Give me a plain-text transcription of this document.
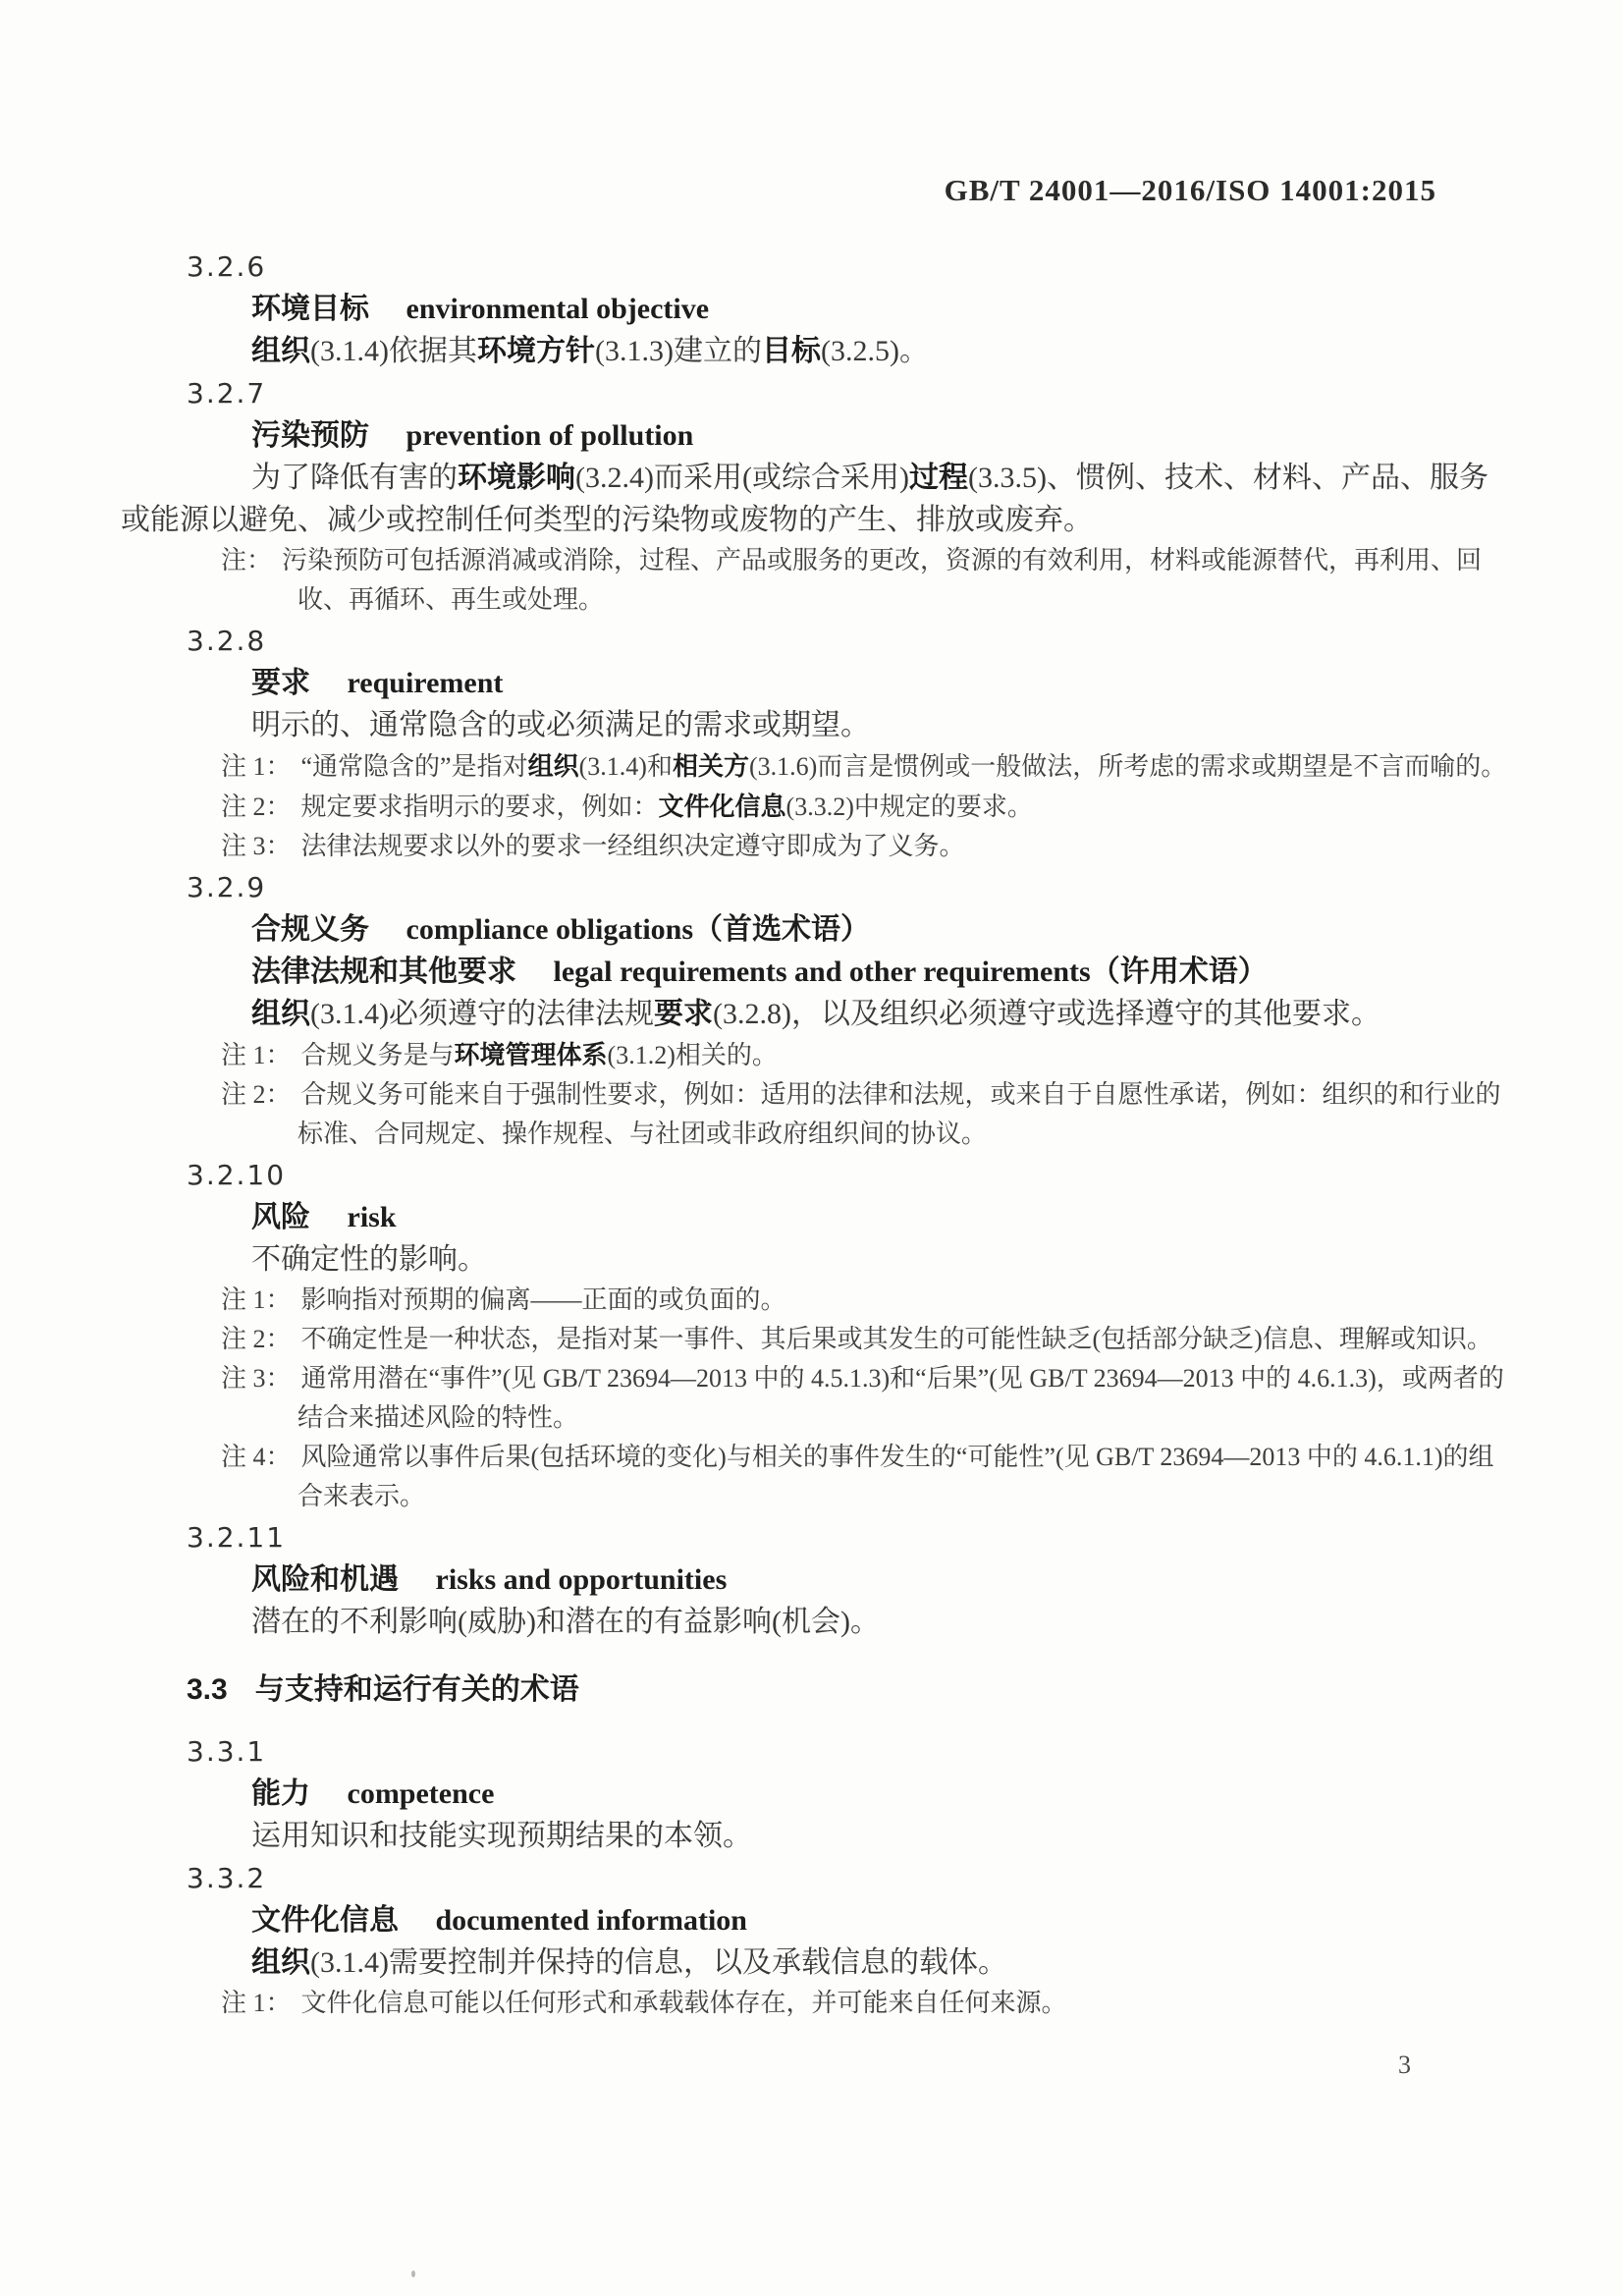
GB/T 24001—2016/ISO 14001:2015

3.2.6

环境目标 environmental objective

组织(3.1.4)依据其环境方针(3.1.3)建立的目标(3.2.5)。

3.2.7

污染预防 prevention of pollution

为了降低有害的环境影响(3.2.4)而采用(或综合采用)过程(3.3.5)、惯例、技术、材料、产品、服务或能源以避免、减少或控制任何类型的污染物或废物的产生、排放或废弃。

注： 污染预防可包括源消减或消除，过程、产品或服务的更改，资源的有效利用，材料或能源替代，再利用、回收、再循环、再生或处理。

3.2.8

要求 requirement

明示的、通常隐含的或必须满足的需求或期望。

注 1： “通常隐含的”是指对组织(3.1.4)和相关方(3.1.6)而言是惯例或一般做法，所考虑的需求或期望是不言而喻的。

注 2： 规定要求指明示的要求，例如：文件化信息(3.3.2)中规定的要求。

注 3： 法律法规要求以外的要求一经组织决定遵守即成为了义务。

3.2.9

合规义务 compliance obligations（首选术语）

法律法规和其他要求 legal requirements and other requirements（许用术语）

组织(3.1.4)必须遵守的法律法规要求(3.2.8)，以及组织必须遵守或选择遵守的其他要求。

注 1： 合规义务是与环境管理体系(3.1.2)相关的。

注 2： 合规义务可能来自于强制性要求，例如：适用的法律和法规，或来自于自愿性承诺，例如：组织的和行业的标准、合同规定、操作规程、与社团或非政府组织间的协议。

3.2.10

风险 risk

不确定性的影响。

注 1： 影响指对预期的偏离——正面的或负面的。

注 2： 不确定性是一种状态，是指对某一事件、其后果或其发生的可能性缺乏(包括部分缺乏)信息、理解或知识。

注 3： 通常用潜在“事件”(见 GB/T 23694—2013 中的 4.5.1.3)和“后果”(见 GB/T 23694—2013 中的 4.6.1.3)，或两者的结合来描述风险的特性。

注 4： 风险通常以事件后果(包括环境的变化)与相关的事件发生的“可能性”(见 GB/T 23694—2013 中的 4.6.1.1)的组合来表示。

3.2.11

风险和机遇 risks and opportunities

潜在的不利影响(威胁)和潜在的有益影响(机会)。

3.3 与支持和运行有关的术语

3.3.1

能力 competence

运用知识和技能实现预期结果的本领。

3.3.2

文件化信息 documented information

组织(3.1.4)需要控制并保持的信息，以及承载信息的载体。

注 1： 文件化信息可能以任何形式和承载载体存在，并可能来自任何来源。

3
